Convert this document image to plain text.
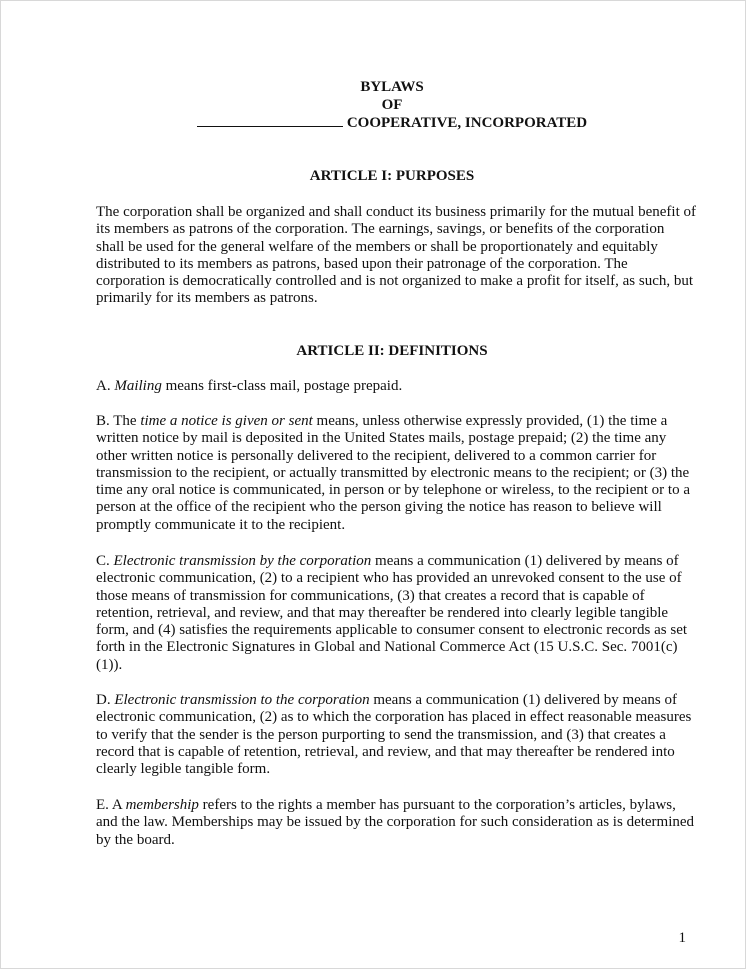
BYLAWS
OF
COOPERATIVE, INCORPORATED
ARTICLE I: PURPOSES

The corporation shall be organized and shall conduct its business primarily for the mutual benefit of its members as patrons of the corporation. The earnings, savings, or benefits of the corporation shall be used for the general welfare of the members or shall be proportionately and equitably distributed to its members as patrons, based upon their patronage of the corporation. The corporation is democratically controlled and is not organized to make a profit for itself, as such, but primarily for its members as patrons.

ARTICLE II: DEFINITIONS

A. Mailing means first-class mail, postage prepaid.

B. The time a notice is given or sent means, unless otherwise expressly provided, (1) the time a written notice by mail is deposited in the United States mails, postage prepaid; (2) the time any other written notice is personally delivered to the recipient, delivered to a common carrier for transmission to the recipient, or actually transmitted by electronic means to the recipient; or (3) the time any oral notice is communicated, in person or by telephone or wireless, to the recipient or to a person at the office of the recipient who the person giving the notice has reason to believe will promptly communicate it to the recipient.

C. Electronic transmission by the corporation means a communication (1) delivered by means of electronic communication, (2) to a recipient who has provided an unrevoked consent to the use of those means of transmission for communications, (3) that creates a record that is capable of retention, retrieval, and review, and that may thereafter be rendered into clearly legible tangible form, and (4) satisfies the requirements applicable to consumer consent to electronic records as set forth in the Electronic Signatures in Global and National Commerce Act (15 U.S.C. Sec. 7001(c)(1)).

D. Electronic transmission to the corporation means a communication (1) delivered by means of electronic communication, (2) as to which the corporation has placed in effect reasonable measures to verify that the sender is the person purporting to send the transmission, and (3) that creates a record that is capable of retention, retrieval, and review, and that may thereafter be rendered into clearly legible tangible form.

E. A membership refers to the rights a member has pursuant to the corporation’s articles, bylaws, and the law. Memberships may be issued by the corporation for such consideration as is determined by the board.

1
